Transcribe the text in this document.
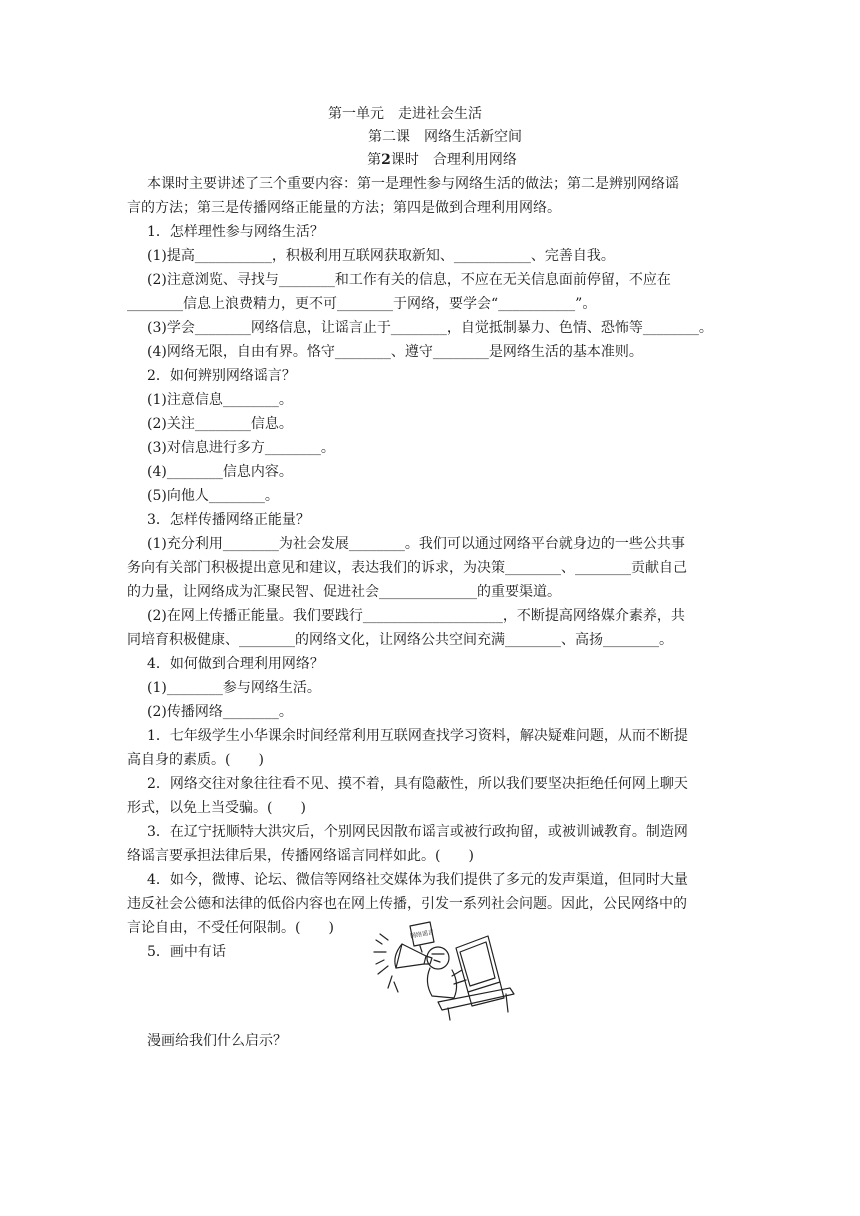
第一单元　走进社会生活
第二课　网络生活新空间
第2课时　合理利用网络

本课时主要讲述了三个重要内容：第一是理性参与网络生活的做法；第二是辨别网络谣

言的方法；第三是传播网络正能量的方法；第四是做到合理利用网络。

1．怎样理性参与网络生活？

(1)提高___________，积极利用互联网获取新知、___________、完善自我。

(2)注意浏览、寻找与________和工作有关的信息，不应在无关信息面前停留，不应在

________信息上浪费精力，更不可________于网络，要学会“___________”。

(3)学会________网络信息，让谣言止于________，自觉抵制暴力、色情、恐怖等________。

(4)网络无限，自由有界。恪守________、遵守________是网络生活的基本准则。

2．如何辨别网络谣言？

(1)注意信息________。

(2)关注________信息。

(3)对信息进行多方________。

(4)________信息内容。

(5)向他人________。

3．怎样传播网络正能量？

(1)充分利用________为社会发展________。我们可以通过网络平台就身边的一些公共事

务向有关部门积极提出意见和建议，表达我们的诉求，为决策________、________贡献自己

的力量，让网络成为汇聚民智、促进社会______________的重要渠道。

(2)在网上传播正能量。我们要践行____________________，不断提高网络媒介素养，共

同培育积极健康、________的网络文化，让网络公共空间充满________、高扬________。

4．如何做到合理利用网络？

(1)________参与网络生活。

(2)传播网络________。

1．七年级学生小华课余时间经常利用互联网查找学习资料，解决疑难问题，从而不断提

高自身的素质。(　　)

2．网络交往对象往往看不见、摸不着，具有隐蔽性，所以我们要坚决拒绝任何网上聊天

形式，以免上当受骗。(　　)

3．在辽宁抚顺特大洪灾后，个别网民因散布谣言或被行政拘留，或被训诫教育。制造网

络谣言要承担法律后果，传播网络谣言同样如此。(　　)

4．如今，微博、论坛、微信等网络社交媒体为我们提供了多元的发声渠道，但同时大量

违反社会公德和法律的低俗内容也在网上传播，引发一系列社会问题。因此，公民网络中的

言论自由，不受任何限制。(　　)

5．画中有话

网络谣言
漫画给我们什么启示？
